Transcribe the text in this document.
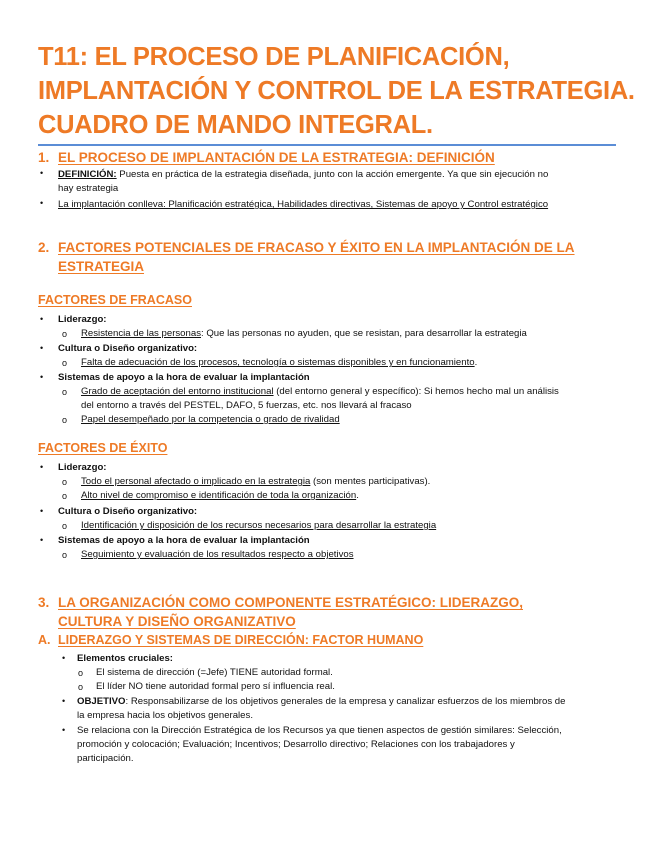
T11: EL PROCESO DE PLANIFICACIÓN,
IMPLANTACIÓN Y CONTROL DE LA ESTRATEGIA.
CUADRO DE MANDO INTEGRAL.
1. EL PROCESO DE IMPLANTACIÓN DE LA ESTRATEGIA: DEFINICIÓN
• DEFINICIÓN: Puesta en práctica de la estrategia diseñada, junto con la acción emergente. Ya que sin ejecución no
hay estrategia
• La implantación conlleva: Planificación estratégica, Habilidades directivas, Sistemas de apoyo y Control estratégico
2. FACTORES POTENCIALES DE FRACASO Y ÉXITO EN LA IMPLANTACIÓN DE LA
ESTRATEGIA
FACTORES DE FRACASO
• Liderazgo:
o Resistencia de las personas: Que las personas no ayuden, que se resistan, para desarrollar la estrategia
• Cultura o Diseño organizativo:
o Falta de adecuación de los procesos, tecnología o sistemas disponibles y en funcionamiento.
• Sistemas de apoyo a la hora de evaluar la implantación
o Grado de aceptación del entorno institucional (del entorno general y específico): Si hemos hecho mal un análisis
del entorno a través del PESTEL, DAFO, 5 fuerzas, etc. nos llevará al fracaso
o Papel desempeñado por la competencia o grado de rivalidad
FACTORES DE ÉXITO
• Liderazgo:
o Todo el personal afectado o implicado en la estrategia (son mentes participativas).
o Alto nivel de compromiso e identificación de toda la organización.
• Cultura o Diseño organizativo:
o Identificación y disposición de los recursos necesarios para desarrollar la estrategia
• Sistemas de apoyo a la hora de evaluar la implantación
o Seguimiento y evaluación de los resultados respecto a objetivos
3. LA ORGANIZACIÓN COMO COMPONENTE ESTRATÉGICO: LIDERAZGO,
CULTURA Y DISEÑO ORGANIZATIVO
A. LIDERAZGO Y SISTEMAS DE DIRECCIÓN: FACTOR HUMANO
• Elementos cruciales:
o El sistema de dirección (=Jefe) TIENE autoridad formal.
o El líder NO tiene autoridad formal pero sí influencia real.
• OBJETIVO: Responsabilizarse de los objetivos generales de la empresa y canalizar esfuerzos de los miembros de
la empresa hacia los objetivos generales.
• Se relaciona con la Dirección Estratégica de los Recursos ya que tienen aspectos de gestión similares: Selección,
promoción y colocación; Evaluación; Incentivos; Desarrollo directivo; Relaciones con los trabajadores y
participación.
